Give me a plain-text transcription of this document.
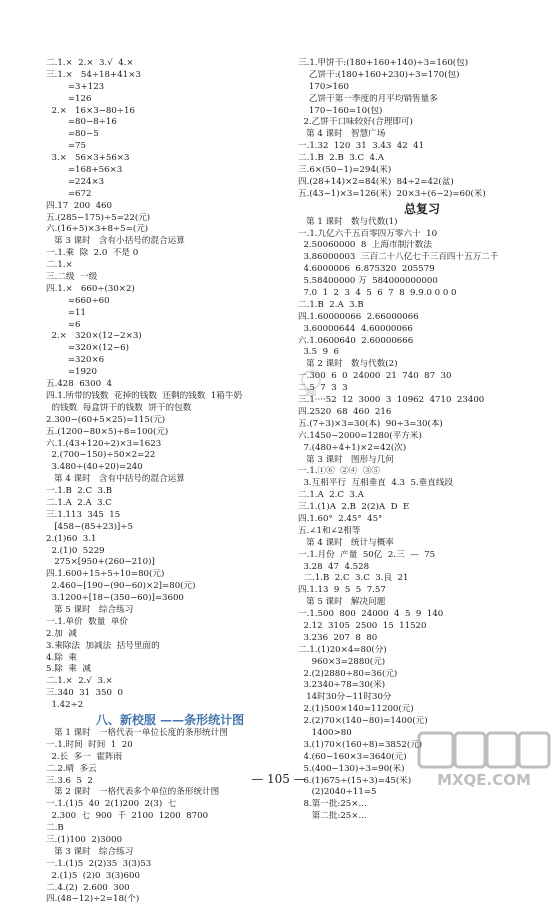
二.1.×  2.×  3.√  4.×
三.1.×   54÷18+41×3
=3+123
=126
2.×   16×3−80÷16
=80−8÷16
=80−5
=75
3.×   56×3+56×3
=168+56×3
=224×3
=672
四.17  200  460
五.(285−175)÷5=22(元)
六.(16÷5)×3+8÷5=(元)
第 3 课时   含有小括号的混合运算
一.1.乘  除  2.0  不是 0
二.1.×
三.二级  一级
四.1.×   660÷(30×2)
=660÷60
=11
=6
2.×   320×(12−2×3)
=320×(12−6)
=320×6
=1920
五.428  6300  4
四.1.所带的钱数  花掉的钱数  还剩的钱数  1箱牛奶
的钱数  每盒饼干的钱数  饼干的包数
2.300−(60+5×25)=115(元)
五.(1200−80×5)÷8=100(元)
六.1.(43+120÷2)×3=1623
2.(700−150)÷50×2=22
3.480÷(40÷20)=240
第 4 课时   含有中括号的混合运算
一.1.B  2.C  3.B
二.1.A  2.A  3.C
三.1.113  345  15
[458−(85+23)]÷5
2.(1)60  3.1
2.(1)0  5229
275×[950+(260−210)]
四.1.600÷15÷5÷10=80(元)
2.460−[190−(90−60)×2]=80(元)
3.1200÷[18−(350−60)]=3600
第 5 课时   综合练习
一.1.单价  数量  单价
2.加  减
3.乘除法  加减法  括号里面的
4.除  乘
5.除  乘  减
二.1.×  2.√  3.×
三.340  31  350  0
1.42÷2
八、新校服 ——条形统计图
第 1 课时   一格代表一单位长度的条形统计图
一.1.时间  时间  1  20
2.长  多一  霍阵雨
二.2.晴  多云
三.3.6  5  2
第 2 课时   一格代表多个单位的条形统计图
一.1.(1)5  40  2(1)200  2(3)  七
2.300  七  900  千  2100  1200  8700
二.B
三.(1)100  2)3000
第 3 课时   综合练习
一.1.(1)5  2(2)35  3(3)53
2.(1)5  (2)0  3(3)600
二.4.(2)  2.600  300
四.(48−12)÷2=18(个)
三.1.甲饼干:(180+160+140)÷3=160(包)
乙饼干:(180+160+230)÷3=170(包)
170>160
乙饼干第一季度的月平均销售量多
170−160=10(包)
2.乙饼干口味较好(合理即可)
第 4 课时   智慧广场
一.1.32  120  31  3.43  42  41
二.1.B  2.B  3.C  4.A
三.6×(50−1)=294(米)
四.(28+14)×2=84(米)  84÷2=42(盆)
五.(43−1)×3=126(米)  20×3÷(6−2)=60(米)
总复习
第 1 课时   数与代数(1)
一.1.九亿六千五百零四万零六十  10
2.50060000  8  上海市制汁数法
3.86000003  三百二十八亿七千三百四十五万二千
4.6000006  6.875320  205579
5.58400000 万  584000000000
7.0  1  2  3  4  5  6  7  8  9.9.0 0 0 0
二.1.B  2.A  3.B
四.1.60000066  2.66000066
3.60000644  4.60000066
六.1.0600640  2.60000666
3.5  9  6
第 2 课时   数与代数(2)
一.300  6  0  24000  21  740  87  30
二.5  7  3  3
三.1····52  12  3000  3  10962  4710  23400
四.2520  68  460  216
五.(7÷3)×3=30(本)  90÷3=30(本)
六.1450−2000=1280(平方米)
7.(480÷4+1)×2=42(次)
第 3 课时   图形与几何
一.1.①⑥  ②④  ③⑤
3.互相平行  互相垂直  4.3  5.垂直线段
二.1.A  2.C  3.A
三.1.(1)A  2.B  2(2)A  D  E
四.1.60°  2.45°  45°
五.∠1和∠2相等
第 4 课时   统计与概率
一.1.月份  产量  50亿  2.三  —  75
3.28  47  4.528
二.1.B  2.C  3.C  3.良  21
四.1.13  9  5  5  7.57
第 5 课时   解决问题
一.1.500  800  24000  4  5  9  140
2.12  3105  2500  15  11520
3.236  207  8  80
二.1.(1)20×4=80(分)
960×3=2880(元)
2.(2)2880÷80=36(元)
3.2340÷78=30(米)
14时30分−11时30分
2.(1)500×140=11200(元)
2.(2)70×(140−80)=1400(元)
1400>80
3.(1)70×(160÷8)=3852(元)
4.(60−160×3=3640(元)
5.(400−130)÷3=90(米)
6.(1)675÷(15÷3)=45(米)
(2)2040÷11=5
8.第一批:25×...
第二批:25×...
— 105 —	MXQE.COM
